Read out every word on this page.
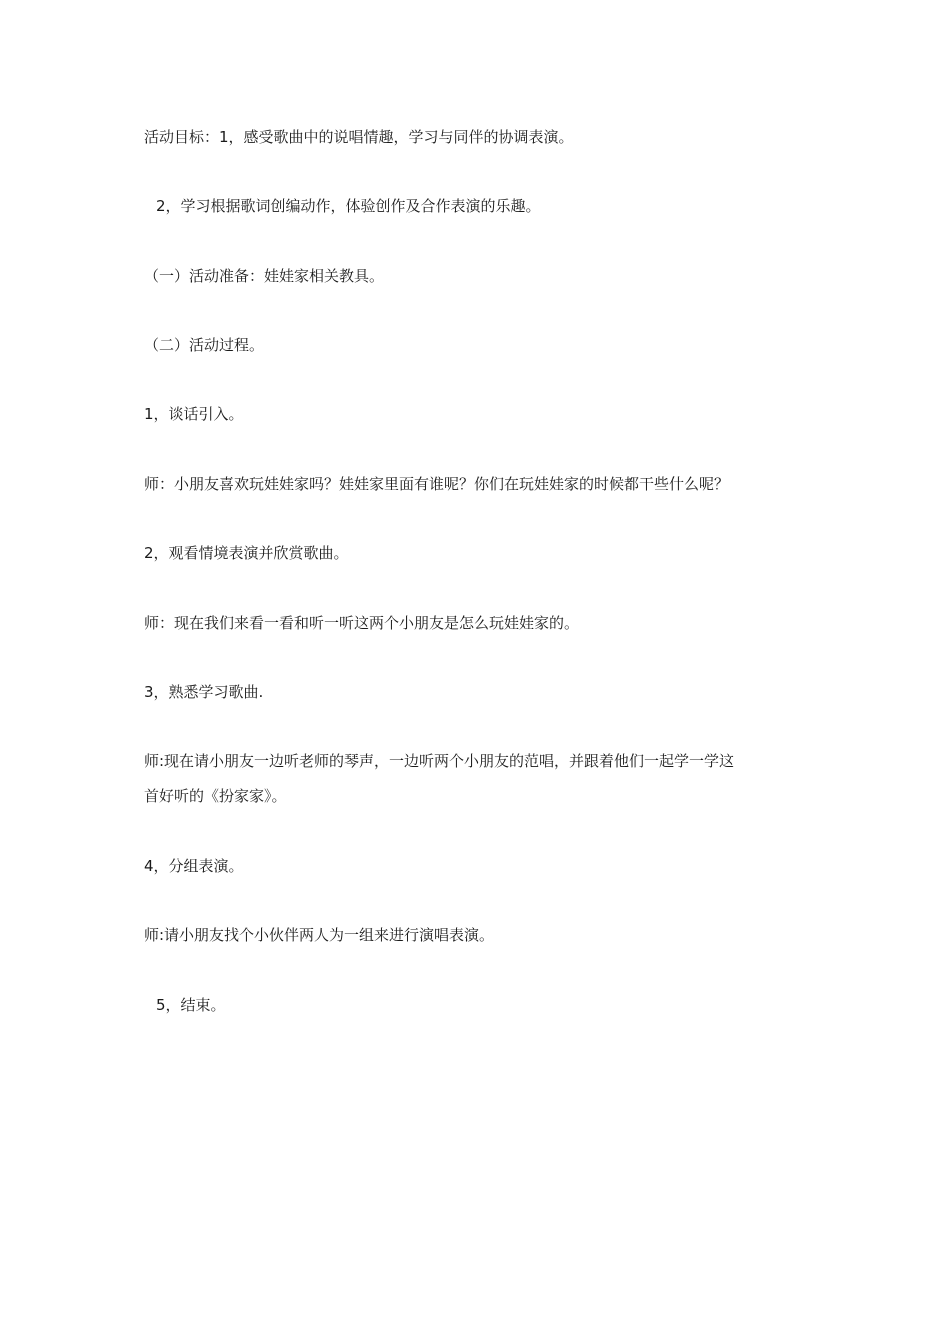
活动目标：1，感受歌曲中的说唱情趣，学习与同伴的协调表演。

2，学习根据歌词创编动作，体验创作及合作表演的乐趣。

（一）活动准备：娃娃家相关教具。

（二）活动过程。

1，谈话引入。

师：小朋友喜欢玩娃娃家吗？娃娃家里面有谁呢？你们在玩娃娃家的时候都干些什么呢？

2，观看情境表演并欣赏歌曲。

师：现在我们来看一看和听一听这两个小朋友是怎么玩娃娃家的。

3，熟悉学习歌曲.

师:现在请小朋友一边听老师的琴声，一边听两个小朋友的范唱，并跟着他们一起学一学这

首好听的《扮家家》。

4，分组表演。

师:请小朋友找个小伙伴两人为一组来进行演唱表演。

5，结束。
